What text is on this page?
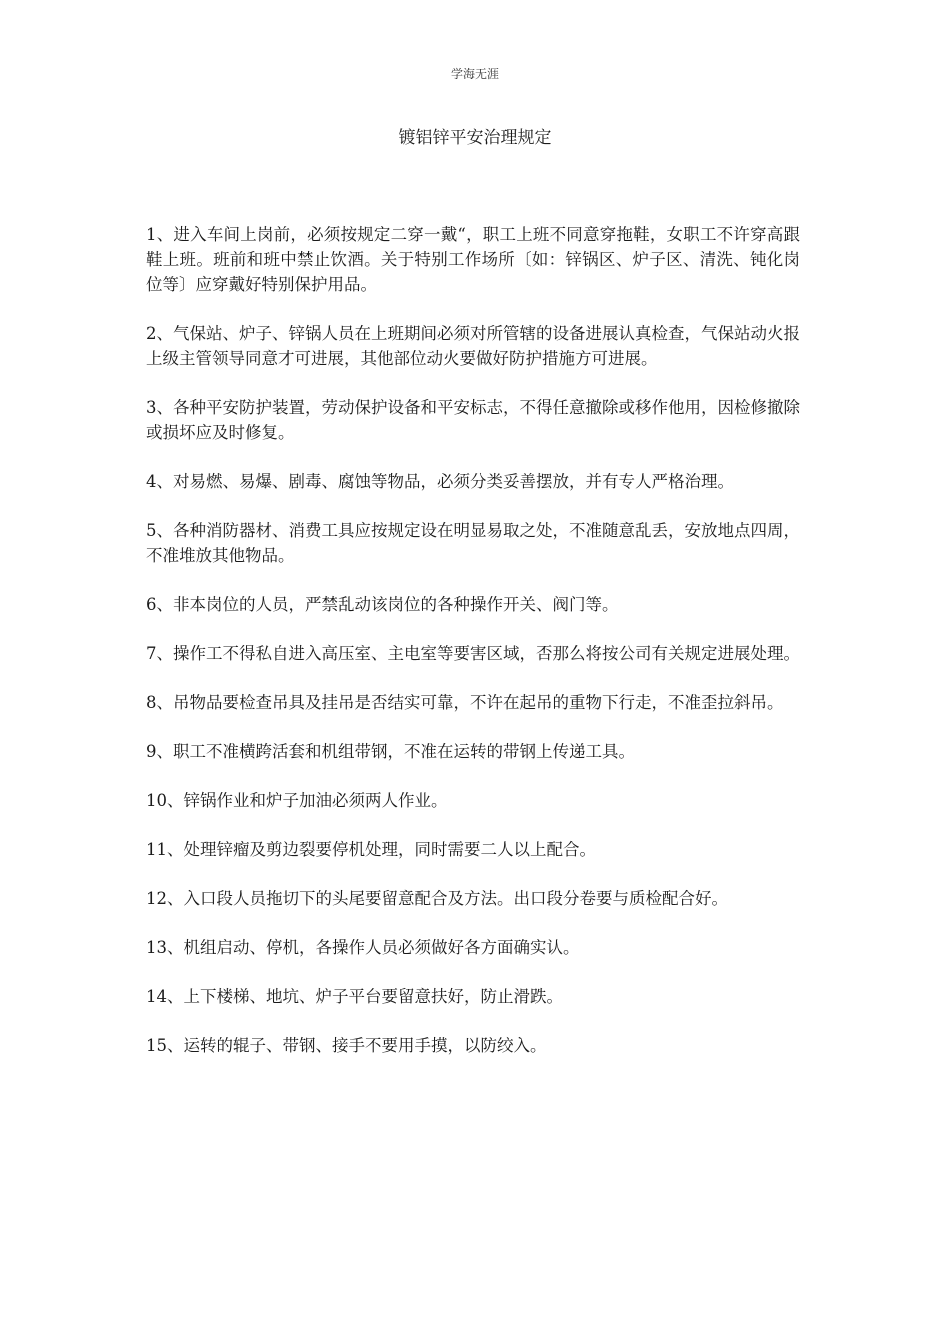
学海无涯
镀铝锌平安治理规定

1、进入车间上岗前，必须按规定二穿一戴“，职工上班不同意穿拖鞋，女职工不许穿高跟鞋上班。班前和班中禁止饮酒。关于特别工作场所〔如：锌锅区、炉子区、清洗、钝化岗位等〕应穿戴好特别保护用品。

2、气保站、炉子、锌锅人员在上班期间必须对所管辖的设备进展认真检查，气保站动火报上级主管领导同意才可进展，其他部位动火要做好防护措施方可进展。

3、各种平安防护装置，劳动保护设备和平安标志，不得任意撤除或移作他用，因检修撤除或损坏应及时修复。

4、对易燃、易爆、剧毒、腐蚀等物品，必须分类妥善摆放，并有专人严格治理。

5、各种消防器材、消费工具应按规定设在明显易取之处，不准随意乱丢，安放地点四周，不准堆放其他物品。

6、非本岗位的人员，严禁乱动该岗位的各种操作开关、阀门等。

7、操作工不得私自进入高压室、主电室等要害区域，否那么将按公司有关规定进展处理。

8、吊物品要检查吊具及挂吊是否结实可靠，不许在起吊的重物下行走，不准歪拉斜吊。

9、职工不准横跨活套和机组带钢，不准在运转的带钢上传递工具。

10、锌锅作业和炉子加油必须两人作业。

11、处理锌瘤及剪边裂要停机处理，同时需要二人以上配合。

12、入口段人员拖切下的头尾要留意配合及方法。出口段分卷要与质检配合好。

13、机组启动、停机，各操作人员必须做好各方面确实认。

14、上下楼梯、地坑、炉子平台要留意扶好，防止滑跌。

15、运转的辊子、带钢、接手不要用手摸，以防绞入。
